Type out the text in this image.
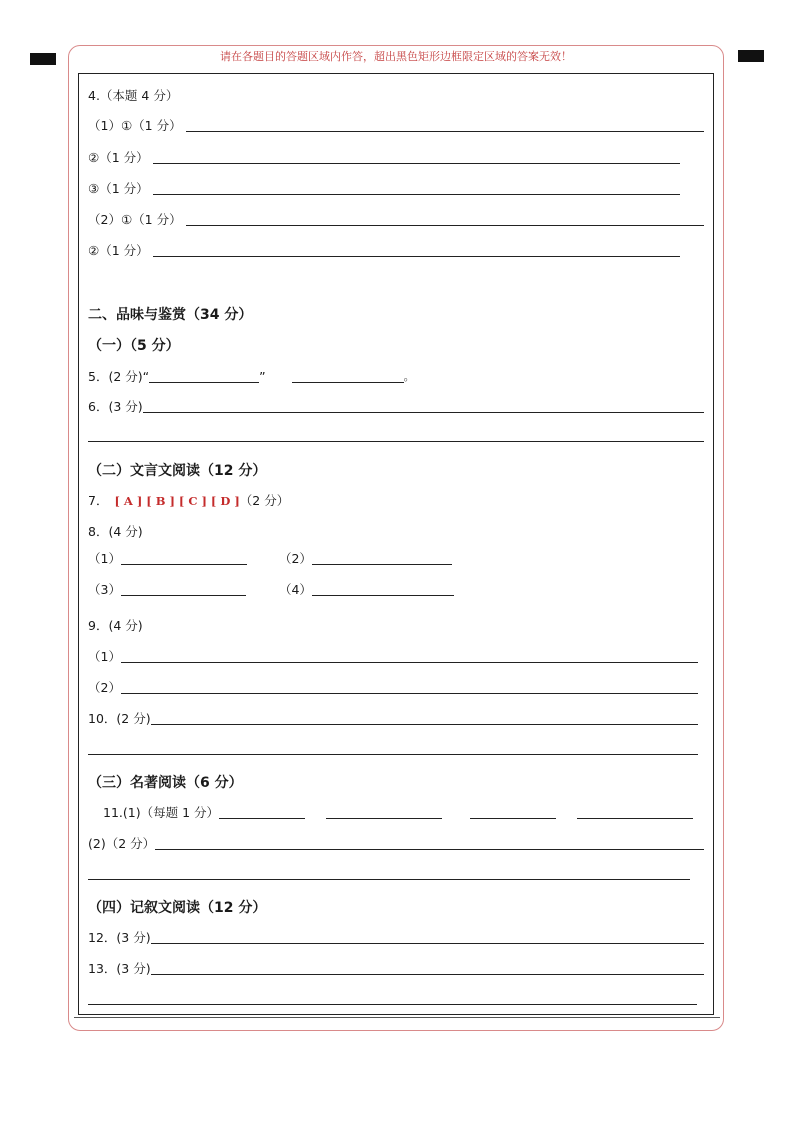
请在各题目的答题区域内作答，超出黑色矩形边框限定区域的答案无效！
4.（本题 4 分）
（1）①（1 分）
②（1 分）
③（1 分）
（2）①（1 分）
②（1 分）
二、品味与鉴赏（34 分）
（一）（5 分）
5．(2 分)“	”	。
6．(3 分)
（二）文言文阅读（12 分）
7． [ A ] [ B ] [ C ] [ D ] （2 分）
8．(4 分)
（1）	（2）
（3）	（4）
9．(4 分)
（1）
（2）
10．(2 分)
（三）名著阅读（6 分）
11.(1) （每题 1 分）
(2)（2 分）
（四）记叙文阅读（12 分）
12．(3 分)
13．(3 分)
